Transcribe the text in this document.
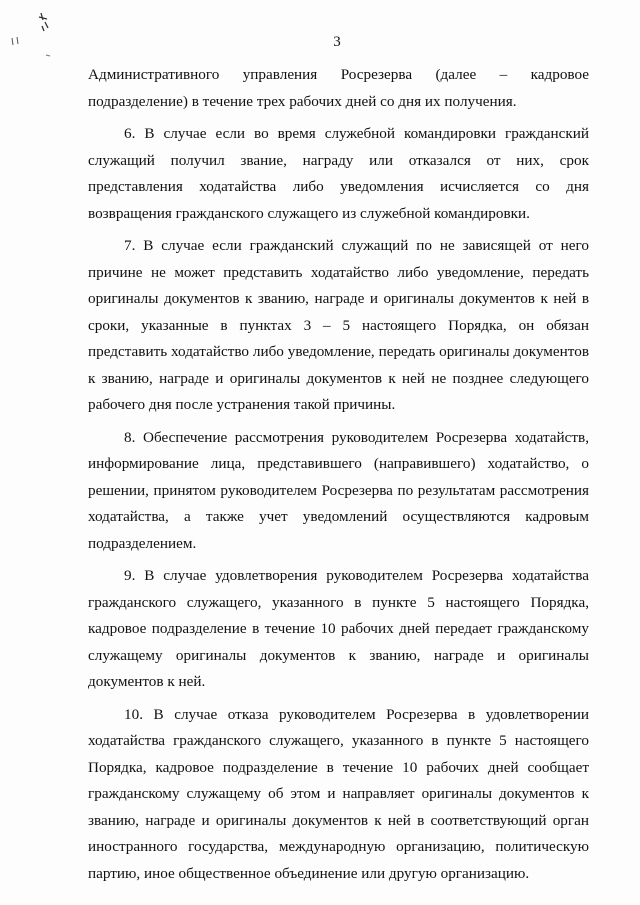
3

Административного управления Росрезерва (далее – кадровое подразделение) в течение трех рабочих дней со дня их получения.

6. В случае если во время служебной командировки гражданский служащий получил звание, награду или отказался от них, срок представления ходатайства либо уведомления исчисляется со дня возвращения гражданского служащего из служебной командировки.

7. В случае если гражданский служащий по не зависящей от него причине не может представить ходатайство либо уведомление, передать оригиналы документов к званию, награде и оригиналы документов к ней в сроки, указанные в пунктах 3 – 5 настоящего Порядка, он обязан представить ходатайство либо уведомление, передать оригиналы документов к званию, награде и оригиналы документов к ней не позднее следующего рабочего дня после устранения такой причины.

8. Обеспечение рассмотрения руководителем Росрезерва ходатайств, информирование лица, представившего (направившего) ходатайство, о решении, принятом руководителем Росрезерва по результатам рассмотрения ходатайства, а также учет уведомлений осуществляются кадровым подразделением.

9. В случае удовлетворения руководителем Росрезерва ходатайства гражданского служащего, указанного в пункте 5 настоящего Порядка, кадровое подразделение в течение 10 рабочих дней передает гражданскому служащему оригиналы документов к званию, награде и оригиналы документов к ней.

10. В случае отказа руководителем Росрезерва в удовлетворении ходатайства гражданского служащего, указанного в пункте 5 настоящего Порядка, кадровое подразделение в течение 10 рабочих дней сообщает гражданскому служащему об этом и направляет оригиналы документов к званию, награде и оригиналы документов к ней в соответствующий орган иностранного государства, международную организацию, политическую партию, иное общественное объединение или другую организацию.
